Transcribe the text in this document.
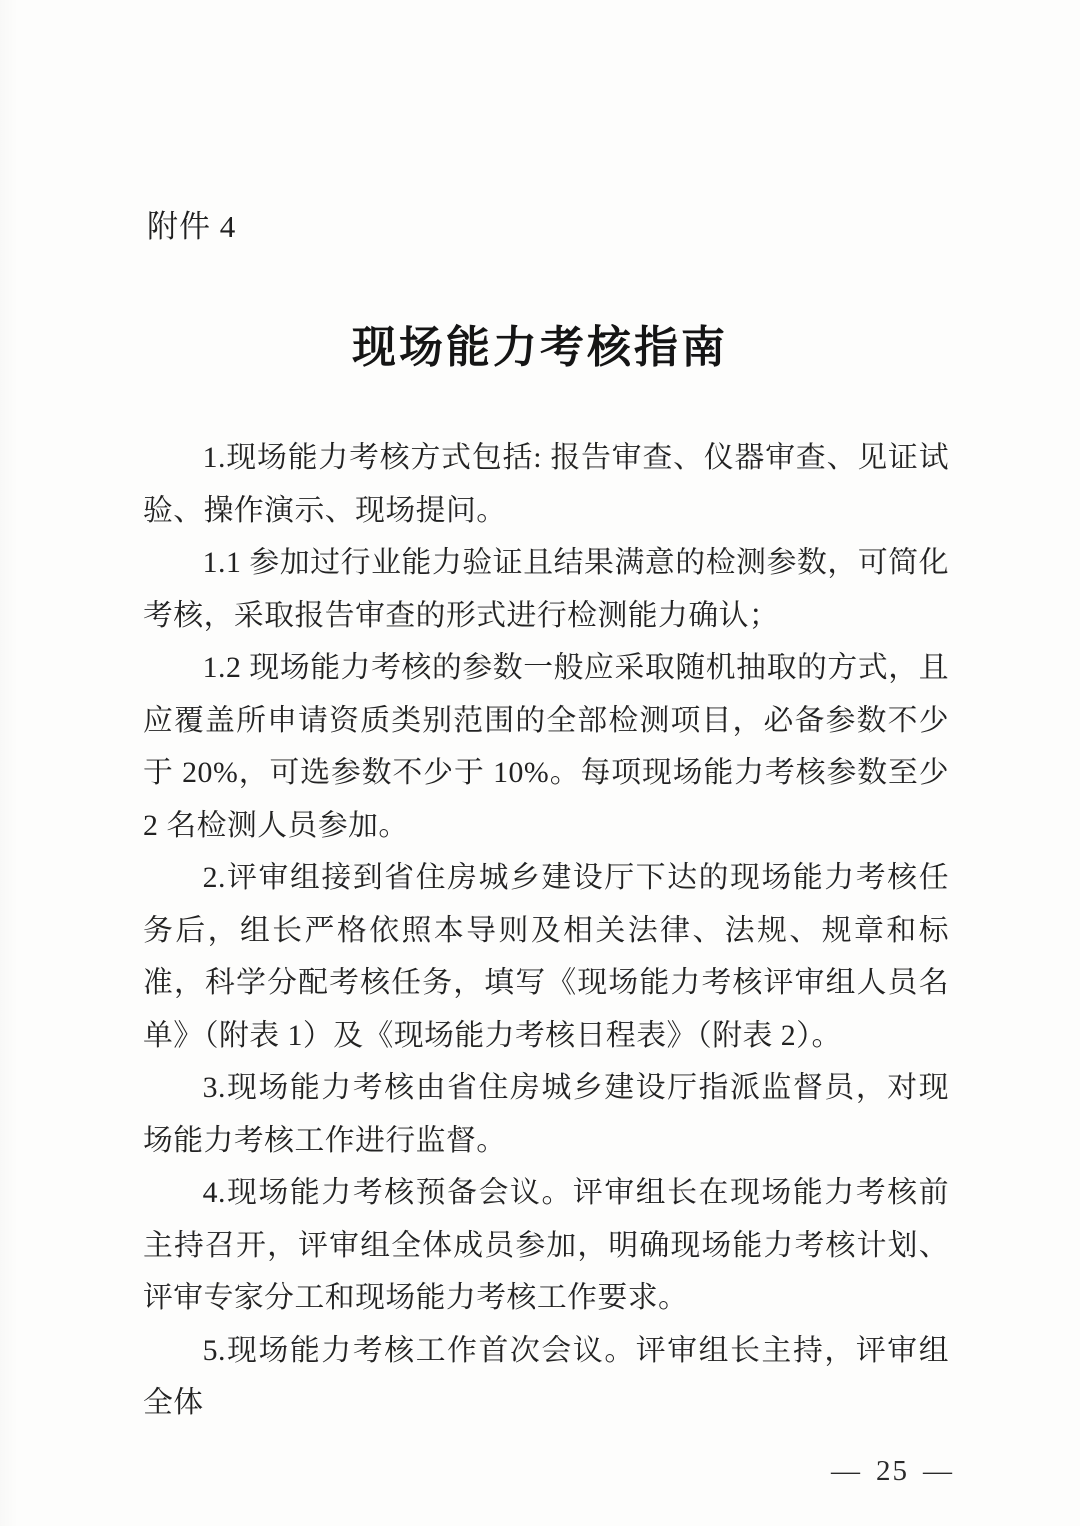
附件 4
现场能力考核指南

1.现场能力考核方式包括: 报告审查、仪器审查、见证试验、操作演示、现场提问。

1.1 参加过行业能力验证且结果满意的检测参数，可简化考核，采取报告审查的形式进行检测能力确认；

1.2 现场能力考核的参数一般应采取随机抽取的方式，且应覆盖所申请资质类别范围的全部检测项目，必备参数不少于 20%，可选参数不少于 10%。每项现场能力考核参数至少 2 名检测人员参加。

2.评审组接到省住房城乡建设厅下达的现场能力考核任务后，组长严格依照本导则及相关法律、法规、规章和标准，科学分配考核任务，填写《现场能力考核评审组人员名单》（附表 1）及《现场能力考核日程表》（附表 2）。

3.现场能力考核由省住房城乡建设厅指派监督员，对现场能力考核工作进行监督。

4.现场能力考核预备会议。评审组长在现场能力考核前主持召开，评审组全体成员参加，明确现场能力考核计划、评审专家分工和现场能力考核工作要求。

5.现场能力考核工作首次会议。评审组长主持，评审组全体

— 25 —
